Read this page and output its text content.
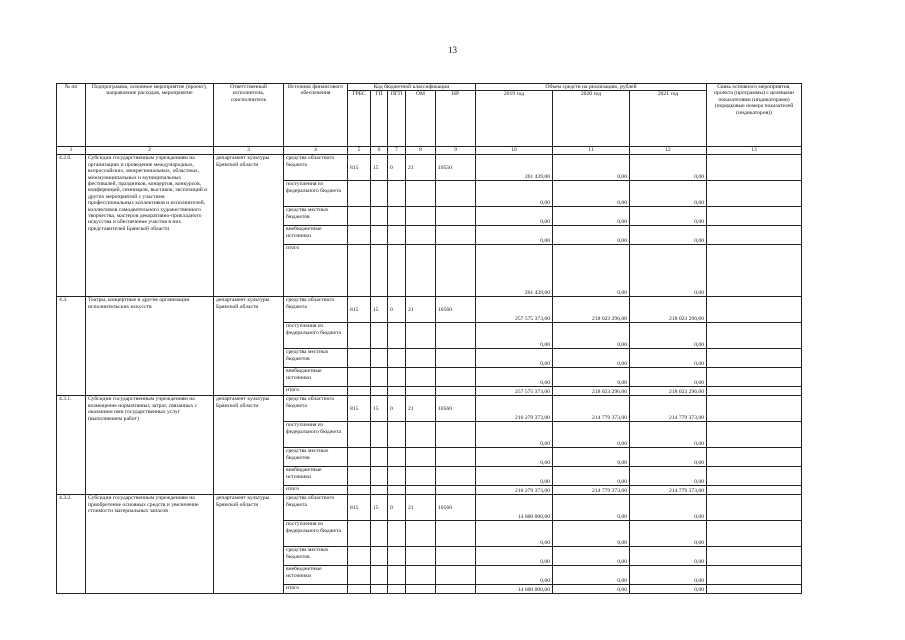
13
№ пп	Подпрограмма, основное мероприятие (проект), направление расходов, мероприятие	Ответственный исполнитель, соисполнитель	Источник финансового обеспечения	Код бюджетной классификации					Объем средств на реализацию, рублей			Связь основного мероприятия, проекта (программы) с целевыми показателями (индикаторами) (порядковые номера показателей (индикаторов))
				ГРБС	ГП	ПГП	ОМ	НР	2019 год	2020 год	2021 год	
1	2	3	4	5	6	7	8	9	10	11	12	13
4.2.6.	Субсидии государственным учреждениям на организацию и проведение международных, всероссийских, межрегиональных, областных, межмуниципальных и муниципальных фестивалей, праздников, концертов, конкурсов, конференций, семинаров, выставок, экспозиций и других мероприятий с участием профессиональных коллективов и исполнителей, коллективов самодеятельного художественного творчества, мастеров декоративно-прикладного искусства и обеспечение участия в них представителей Брянской области	департамент культуры Брянской области	средства областного бюджета	815	15	0	21	10550	261 439,00	0,00	0,00	
			поступления из федерального бюджета						0,00	0,00	0,00	
			средства местных бюджетов						0,00	0,00	0,00	
			внебюджетные источники						0,00	0,00	0,00	
			итого						261 439,00	0,00	0,00	
4.3.	Театры, концертные и другие организации исполнительских искусств	департамент культуры Брянской области	средства областного бюджета	815	15	0	21	10560	257 575 373,00	218 023 296,00	218 023 296,00	
			поступления из федерального бюджета						0,00	0,00	0,00	
			средства местных бюджетов						0,00	0,00	0,00	
			внебюджетные источники						0,00	0,00	0,00	
			итого						257 575 373,00	218 023 296,00	218 023 296,00	
4.3.1.	Субсидии государственным учреждениям на возмещение нормативных затрат, связанных с оказанием ими государственных услуг (выполнением работ)	департамент культуры Брянской области	средства областного бюджета	815	15	0	21	10560	216 279 373,00	214 779 373,00	214 779 373,00	
			поступления из федерального бюджета						0,00	0,00	0,00	
			средства местных бюджетов						0,00	0,00	0,00	
			внебюджетные источники						0,00	0,00	0,00	
			итого						216 279 373,00	214 779 373,00	214 779 373,00	
4.3.2.	Субсидии государственным учреждениям на приобретение основных средств и увеличение стоимости материальных запасов	департамент культуры Брянской области	средства областного бюджета	815	15	0	21	10560	14 600 000,00	0,00	0,00	
			поступления из федерального бюджета						0,00	0,00	0,00	
			средства местных бюджетов						0,00	0,00	0,00	
			внебюджетные источники						0,00	0,00	0,00	
			итого						14 600 000,00	0,00	0,00	
